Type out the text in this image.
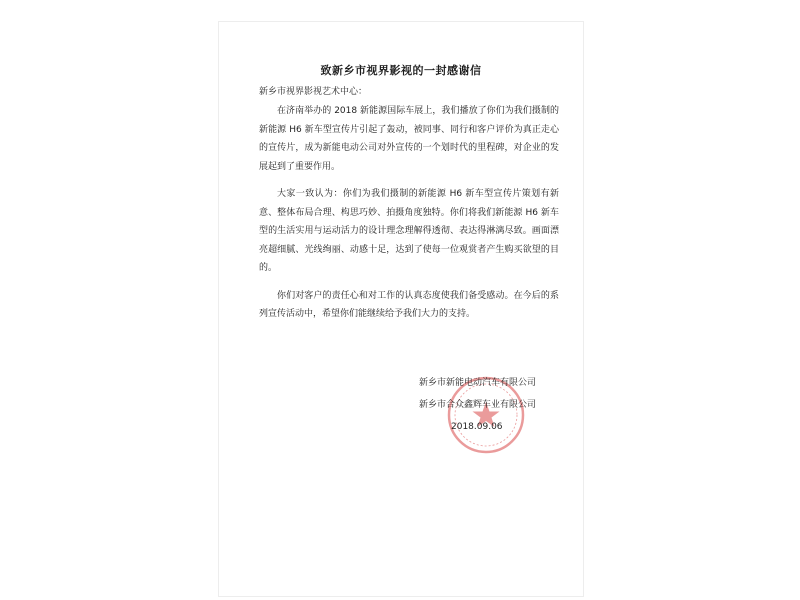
致新乡市视界影视的一封感谢信
新乡市视界影视艺术中心：

在济南举办的 2018 新能源国际车展上，我们播放了你们为我们摄制的新能源 H6 新车型宣传片引起了轰动，被同事、同行和客户评价为真正走心的宣传片，成为新能电动公司对外宣传的一个划时代的里程碑，对企业的发展起到了重要作用。

大家一致认为：你们为我们摄制的新能源 H6 新车型宣传片策划有新意、整体布局合理、构思巧妙、拍摄角度独特。你们将我们新能源 H6 新车型的生活实用与运动活力的设计理念理解得透彻、表达得淋漓尽致。画面漂亮超细腻、光线绚丽、动感十足，达到了使每一位观赏者产生购买欲望的目的。

你们对客户的责任心和对工作的认真态度使我们备受感动。在今后的系列宣传活动中，希望你们能继续给予我们大力的支持。

新乡市新能电动汽车有限公司
新乡市合众鑫辉车业有限公司
2018.09.06
